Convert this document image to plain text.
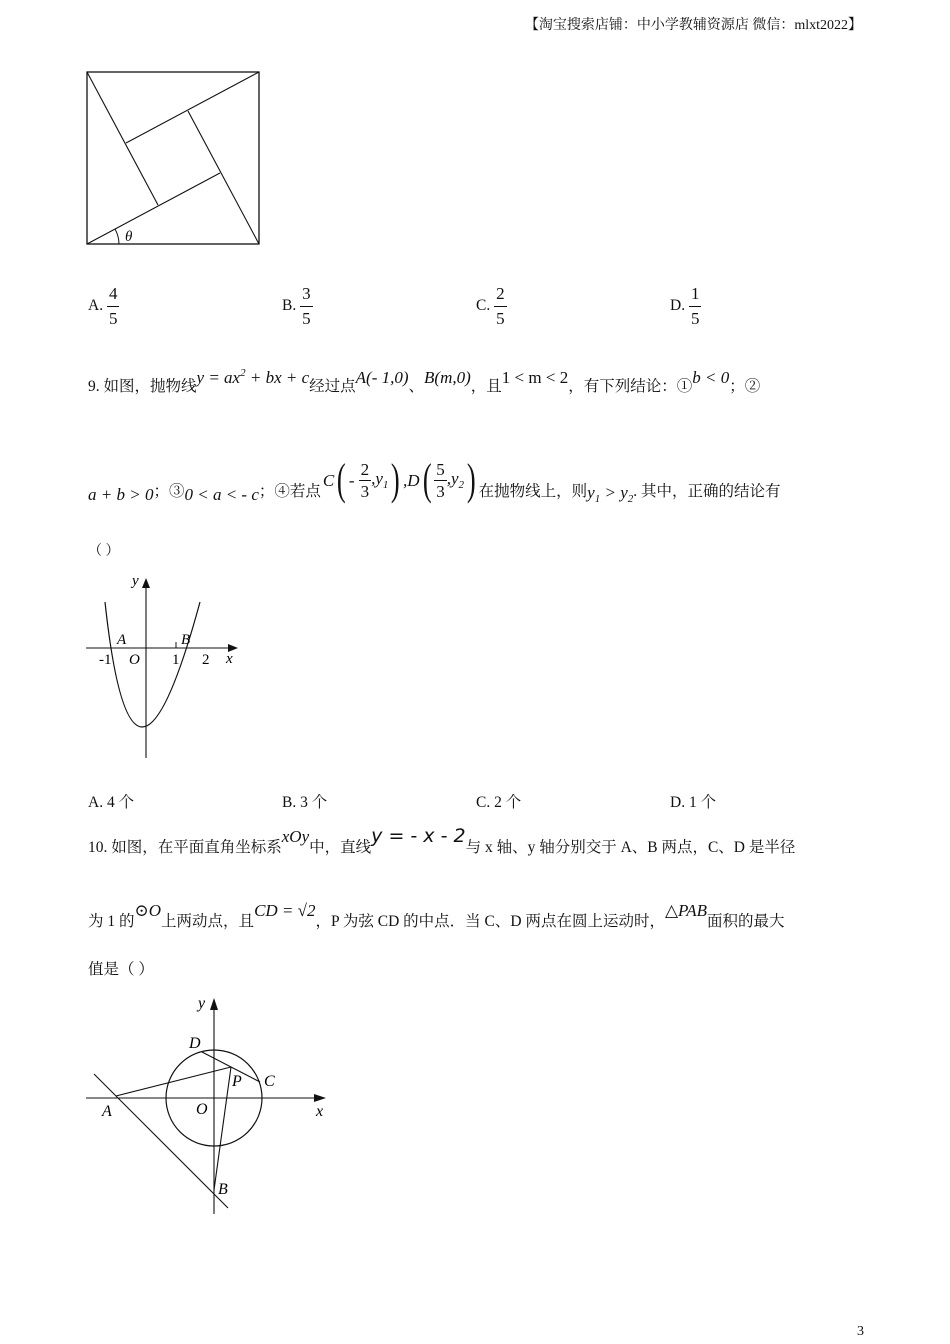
【淘宝搜索店铺：中小学教辅资源店 微信：mlxt2022】
θ
A. $\frac{4}{5}$	B. $\frac{3}{5}$	C. $\frac{2}{5}$	D. $\frac{1}{5}$
9. 如图，抛物线$y = ax^2$ + bx + c经过点A(- 1,0)、B(m,0)，且1 < m < 2，有下列结论：①b < 0；②
a + b > 0 ；③ 0 < a < - c ；④若点
C ( - $\frac{2}{3} ,y_1$ ) ,D ( $\frac{5}{3} ,y_2$ ) 在抛物线上，则 $y_1 > y_2$ . 其中，正确的结论有
（ ）
y
x
A	B
O
-1	1 2
A. 4 个	B. 3 个	C. 2 个	D. 1 个
10. 如图，在平面直角坐标系xOy中，直线y = - x - 2与 x 轴、y 轴分别交于 A、B 两点，C、D 是半径
为 1 的⊙O上两动点，且CD = √2，P 为弦 CD 的中点．当 C、D 两点在圆上运动时，△PAB面积的最大
值是（ ）
y
x
D
P C
A	O
B
3
